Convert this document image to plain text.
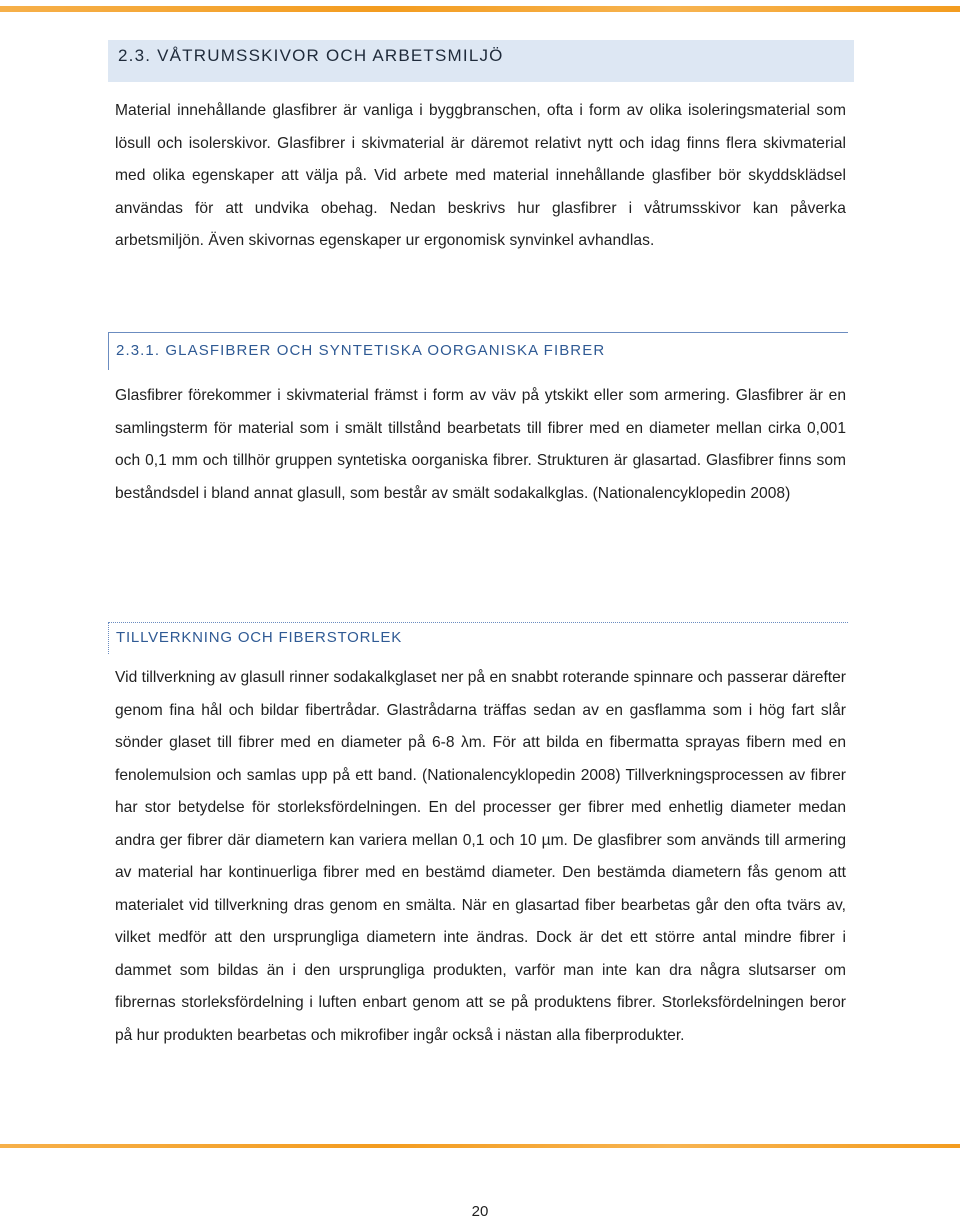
2.3. VÅTRUMSSKIVOR OCH ARBETSMILJÖ

Material innehållande glasfibrer är vanliga i byggbranschen, ofta i form av olika isoleringsmaterial som lösull och isolerskivor. Glasfibrer i skivmaterial är däremot relativt nytt och idag finns flera skivmaterial med olika egenskaper att välja på. Vid arbete med material innehållande glasfiber bör skyddsklädsel användas för att undvika obehag. Nedan beskrivs hur glasfibrer i våtrumsskivor kan påverka arbetsmiljön. Även skivornas egenskaper ur ergonomisk synvinkel avhandlas.

2.3.1. GLASFIBRER OCH SYNTETISKA OORGANISKA FIBRER

Glasfibrer förekommer i skivmaterial främst i form av väv på ytskikt eller som armering. Glasfibrer är en samlingsterm för material som i smält tillstånd bearbetats till fibrer med en diameter mellan cirka 0,001 och 0,1 mm och tillhör gruppen syntetiska oorganiska fibrer. Strukturen är glasartad. Glasfibrer finns som beståndsdel i bland annat glasull, som består av smält sodakalkglas. (Nationalencyklopedin 2008)

TILLVERKNING OCH FIBERSTORLEK

Vid tillverkning av glasull rinner sodakalkglaset ner på en snabbt roterande spinnare och passerar därefter genom fina hål och bildar fibertrådar. Glastrådarna träffas sedan av en gasflamma som i hög fart slår sönder glaset till fibrer med en diameter på 6-8 λm. För att bilda en fibermatta sprayas fibern med en fenolemulsion och samlas upp på ett band. (Nationalencyklopedin 2008) Tillverkningsprocessen av fibrer har stor betydelse för storleksfördelningen. En del processer ger fibrer med enhetlig diameter medan andra ger fibrer där diametern kan variera mellan 0,1 och 10 µm. De glasfibrer som används till armering av material har kontinuerliga fibrer med en bestämd diameter. Den bestämda diametern fås genom att materialet vid tillverkning dras genom en smälta. När en glasartad fiber bearbetas går den ofta tvärs av, vilket medför att den ursprungliga diametern inte ändras. Dock är det ett större antal mindre fibrer i dammet som bildas än i den ursprungliga produkten, varför man inte kan dra några slutsarser om fibrernas storleksfördelning i luften enbart genom att se på produktens fibrer. Storleksfördelningen beror på hur produkten bearbetas och mikrofiber ingår också i nästan alla fiberprodukter.

20
